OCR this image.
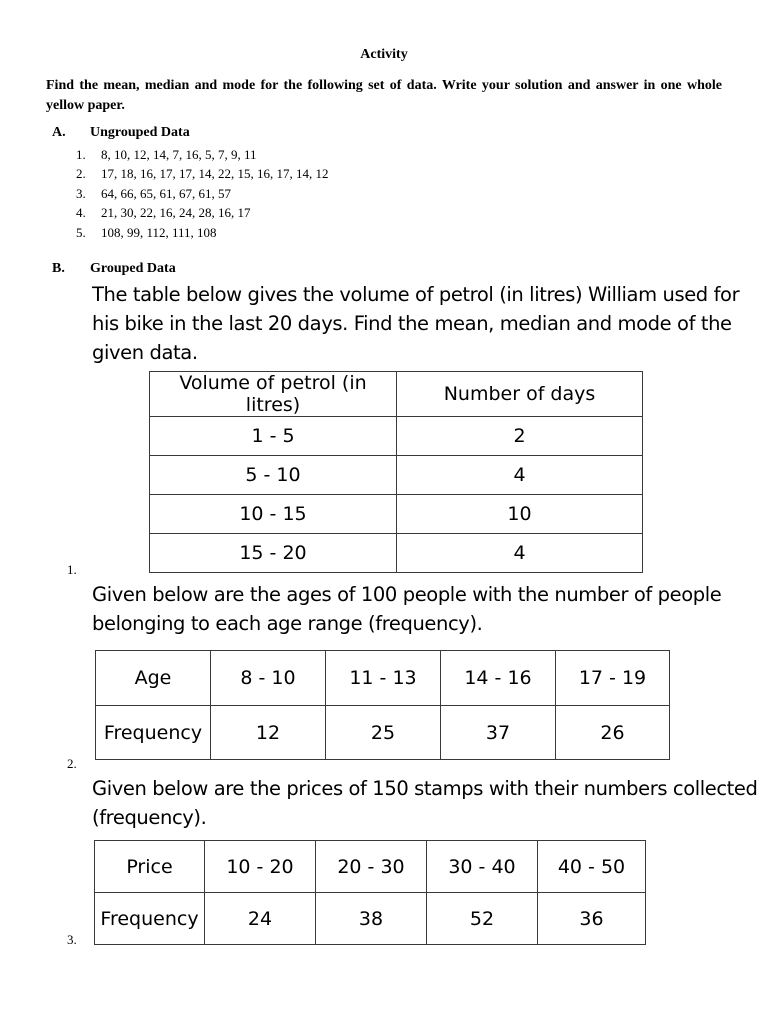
Activity
Find the mean, median and mode for the following set of data. Write your solution and answer in one whole yellow paper.
A. Ungrouped Data
1.	8, 10, 12, 14, 7, 16, 5, 7, 9, 11
2.	17, 18, 16, 17, 17, 14, 22, 15, 16, 17, 14, 12
3.	64, 66, 65, 61, 67, 61, 57
4.	21, 30, 22, 16, 24, 28, 16, 17
5.	108, 99, 112, 111, 108
B. Grouped Data
The table below gives the volume of petrol (in litres) William used for
his bike in the last 20 days. Find the mean, median and mode of the
given data.
Volume of petrol (in litres)	Number of days
1 - 5	2
5 - 10	4
10 - 15	10
15 - 20	4
1.
Given below are the ages of 100 people with the number of people
belonging to each age range (frequency).
Age	8 - 10	11 - 13	14 - 16	17 - 19
Frequency	12	25	37	26
2.
Given below are the prices of 150 stamps with their numbers collected
(frequency).
Price	10 - 20	20 - 30	30 - 40	40 - 50
Frequency	24	38	52	36
3.
